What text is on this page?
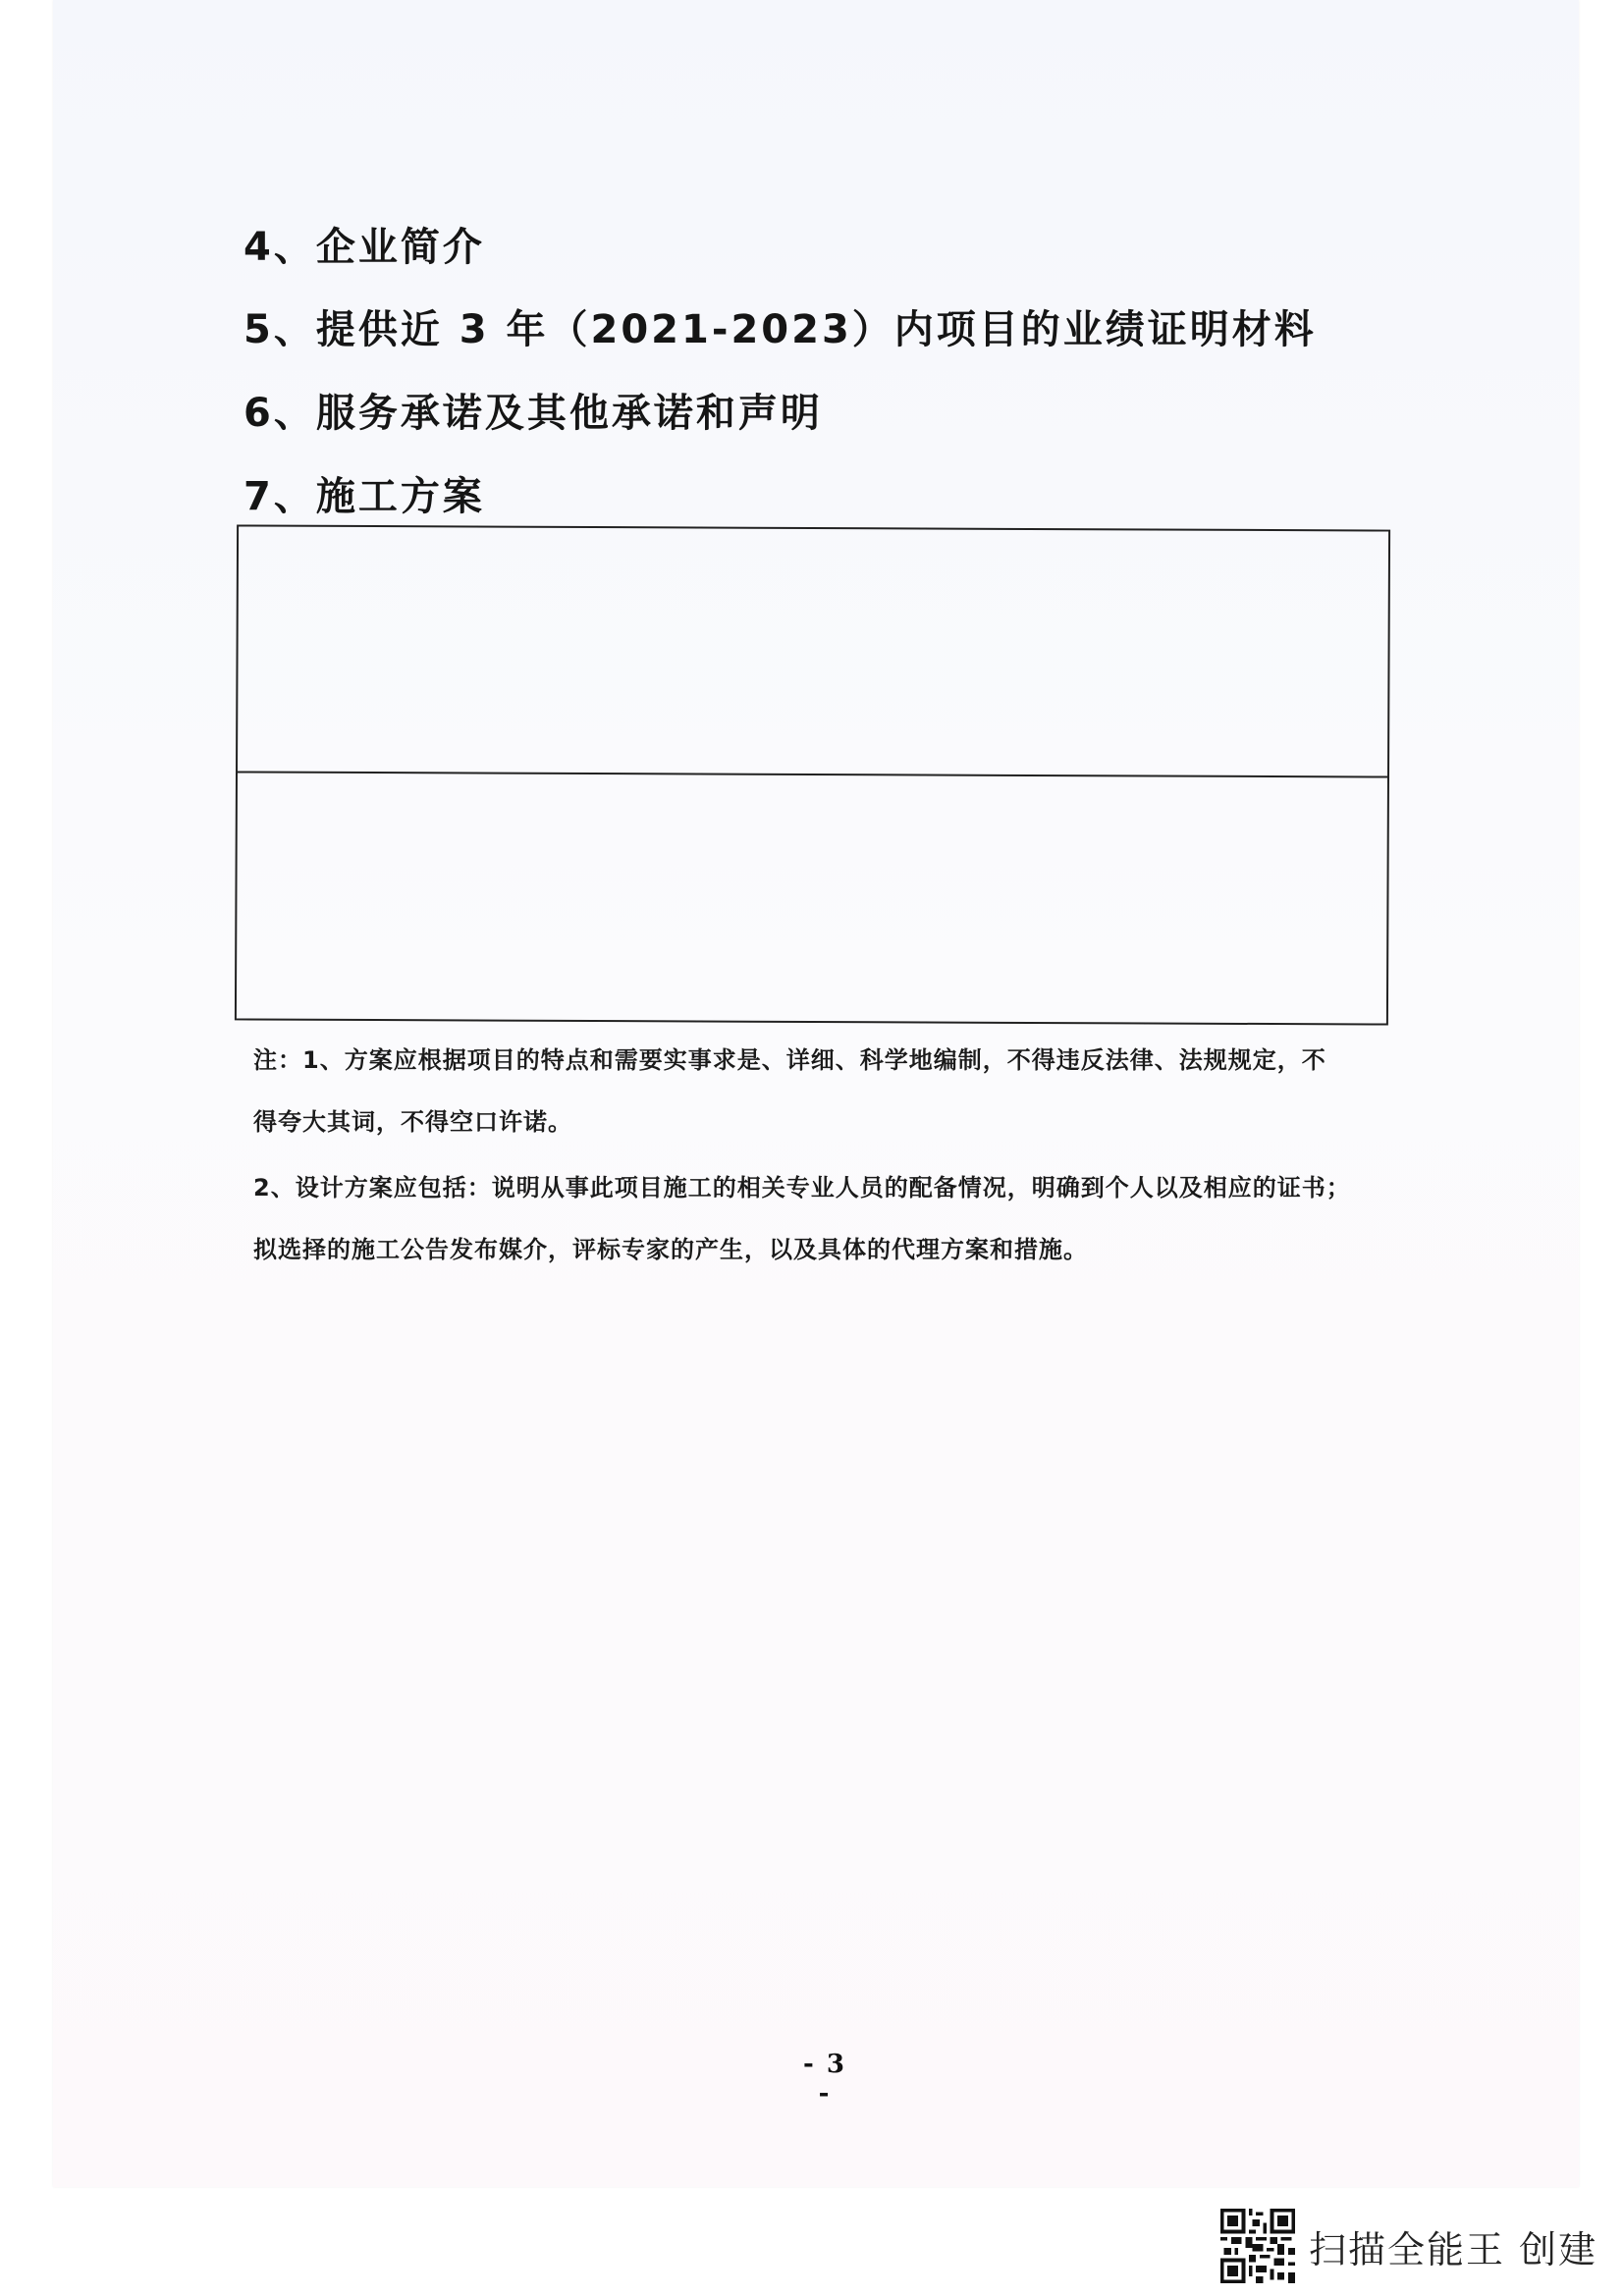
4、企业简介
5、提供近 3 年（2021-2023）内项目的业绩证明材料
6、服务承诺及其他承诺和声明
7、施工方案
注：1、方案应根据项目的特点和需要实事求是、详细、科学地编制，不得违反法律、法规规定，不
得夸大其词，不得空口许诺。
2、设计方案应包括：说明从事此项目施工的相关专业人员的配备情况，明确到个人以及相应的证书；
拟选择的施工公告发布媒介，评标专家的产生，以及具体的代理方案和措施。
- 3 -
扫描全能王 创建
